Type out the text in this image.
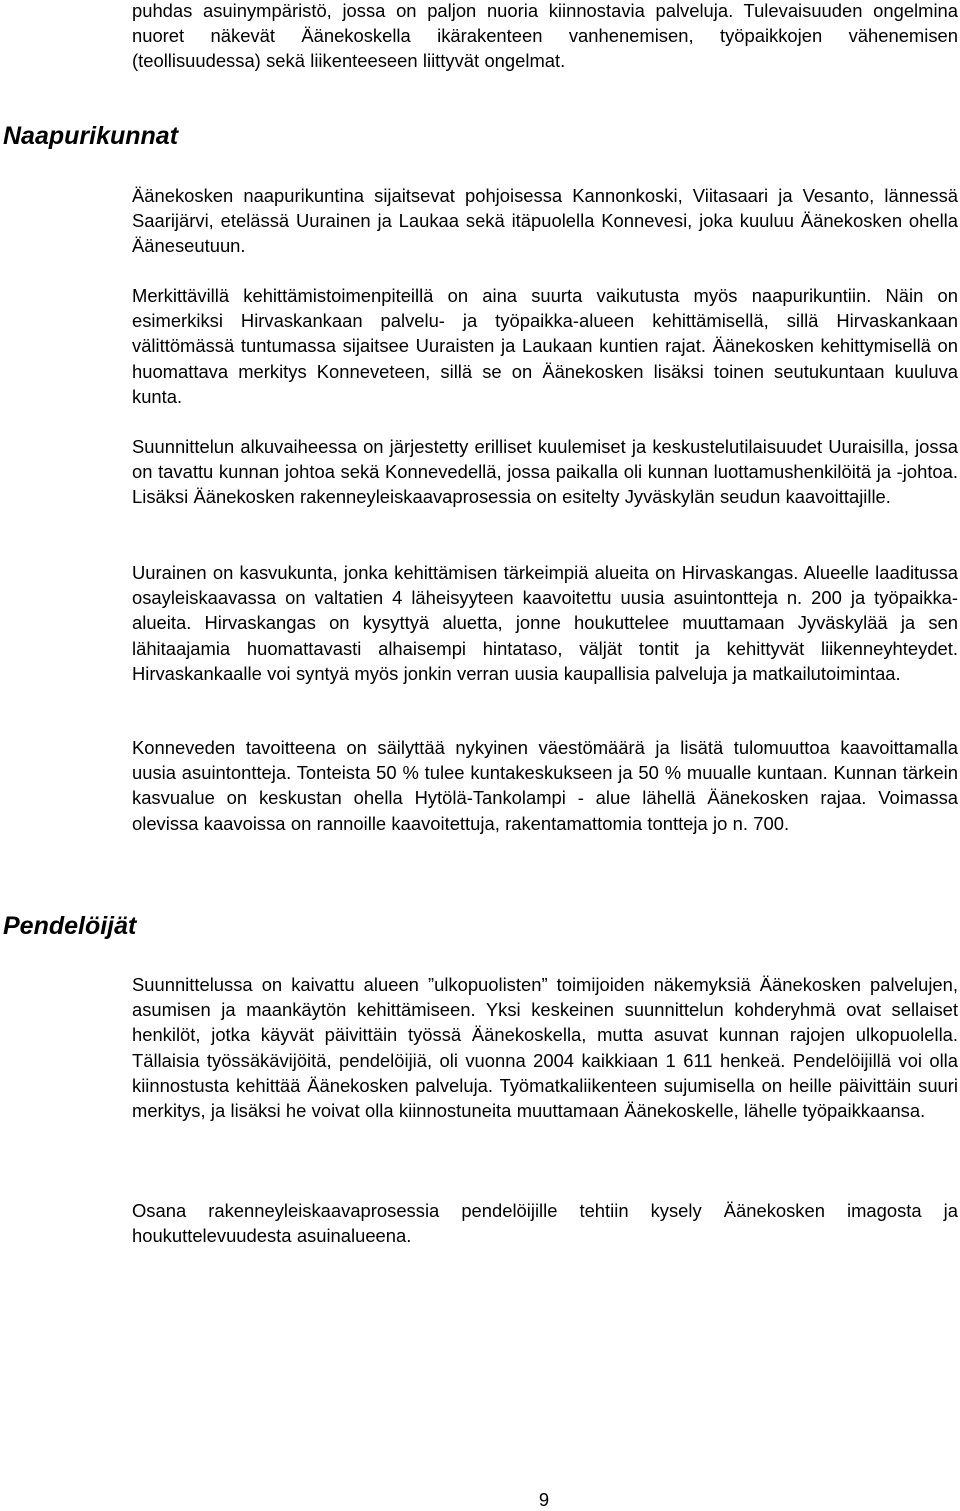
puhdas asuinympäristö, jossa on paljon nuoria kiinnostavia palveluja. Tulevaisuuden ongelmina nuoret näkevät Äänekoskella ikärakenteen vanhenemisen, työpaikkojen vähenemisen (teollisuudessa) sekä liikenteeseen liittyvät ongelmat.

Naapurikunnat

Äänekosken naapurikuntina sijaitsevat pohjoisessa Kannonkoski, Viitasaari ja Vesanto, lännessä Saarijärvi, etelässä Uurainen ja Laukaa sekä itäpuolella Konnevesi, joka kuuluu Äänekosken ohella Ääneseutuun.

Merkittävillä kehittämistoimenpiteillä on aina suurta vaikutusta myös naapurikuntiin. Näin on esimerkiksi Hirvaskankaan palvelu- ja työpaikka-alueen kehittämisellä, sillä Hirvaskankaan välittömässä tuntumassa sijaitsee Uuraisten ja Laukaan kuntien rajat. Äänekosken kehittymisellä on huomattava merkitys Konneveteen, sillä se on Äänekosken lisäksi toinen seutukuntaan kuuluva kunta.

Suunnittelun alkuvaiheessa on järjestetty erilliset kuulemiset ja keskustelutilaisuudet Uuraisilla, jossa on tavattu kunnan johtoa sekä Konnevedellä, jossa paikalla oli kunnan luottamushenkilöitä ja -johtoa. Lisäksi Äänekosken rakenneyleiskaavaprosessia on esitelty Jyväskylän seudun kaavoittajille.

Uurainen on kasvukunta, jonka kehittämisen tärkeimpiä alueita on Hirvaskangas. Alueelle laaditussa osayleiskaavassa on valtatien 4 läheisyyteen kaavoitettu uusia asuintontteja n. 200 ja työpaikka-alueita. Hirvaskangas on kysyttyä aluetta, jonne houkuttelee muuttamaan Jyväskylää ja sen lähitaajamia huomattavasti alhaisempi hintataso, väljät tontit ja kehittyvät liikenneyhteydet. Hirvaskankaalle voi syntyä myös jonkin verran uusia kaupallisia palveluja ja matkailutoimintaa.

Konneveden tavoitteena on säilyttää nykyinen väestömäärä ja lisätä tulomuuttoa kaavoittamalla uusia asuintontteja. Tonteista 50 % tulee kuntakeskukseen ja 50 % muualle kuntaan. Kunnan tärkein kasvualue on keskustan ohella Hytölä-Tankolampi - alue lähellä Äänekosken rajaa. Voimassa olevissa kaavoissa on rannoille kaavoitettuja, rakentamattomia tontteja jo n. 700.

Pendelöijät

Suunnittelussa on kaivattu alueen ”ulkopuolisten” toimijoiden näkemyksiä Äänekosken palvelujen, asumisen ja maankäytön kehittämiseen. Yksi keskeinen suunnittelun kohderyhmä ovat sellaiset henkilöt, jotka käyvät päivittäin työssä Äänekoskella, mutta asuvat kunnan rajojen ulkopuolella. Tällaisia työssäkävijöitä, pendelöijiä, oli vuonna 2004 kaikkiaan 1 611 henkeä. Pendelöijillä voi olla kiinnostusta kehittää Äänekosken palveluja. Työmatkaliikenteen sujumisella on heille päivittäin suuri merkitys, ja lisäksi he voivat olla kiinnostuneita muuttamaan Äänekoskelle, lähelle työpaikkaansa.

Osana rakenneyleiskaavaprosessia pendelöijille tehtiin kysely Äänekosken imagosta ja houkuttelevuudesta asuinalueena.

9
